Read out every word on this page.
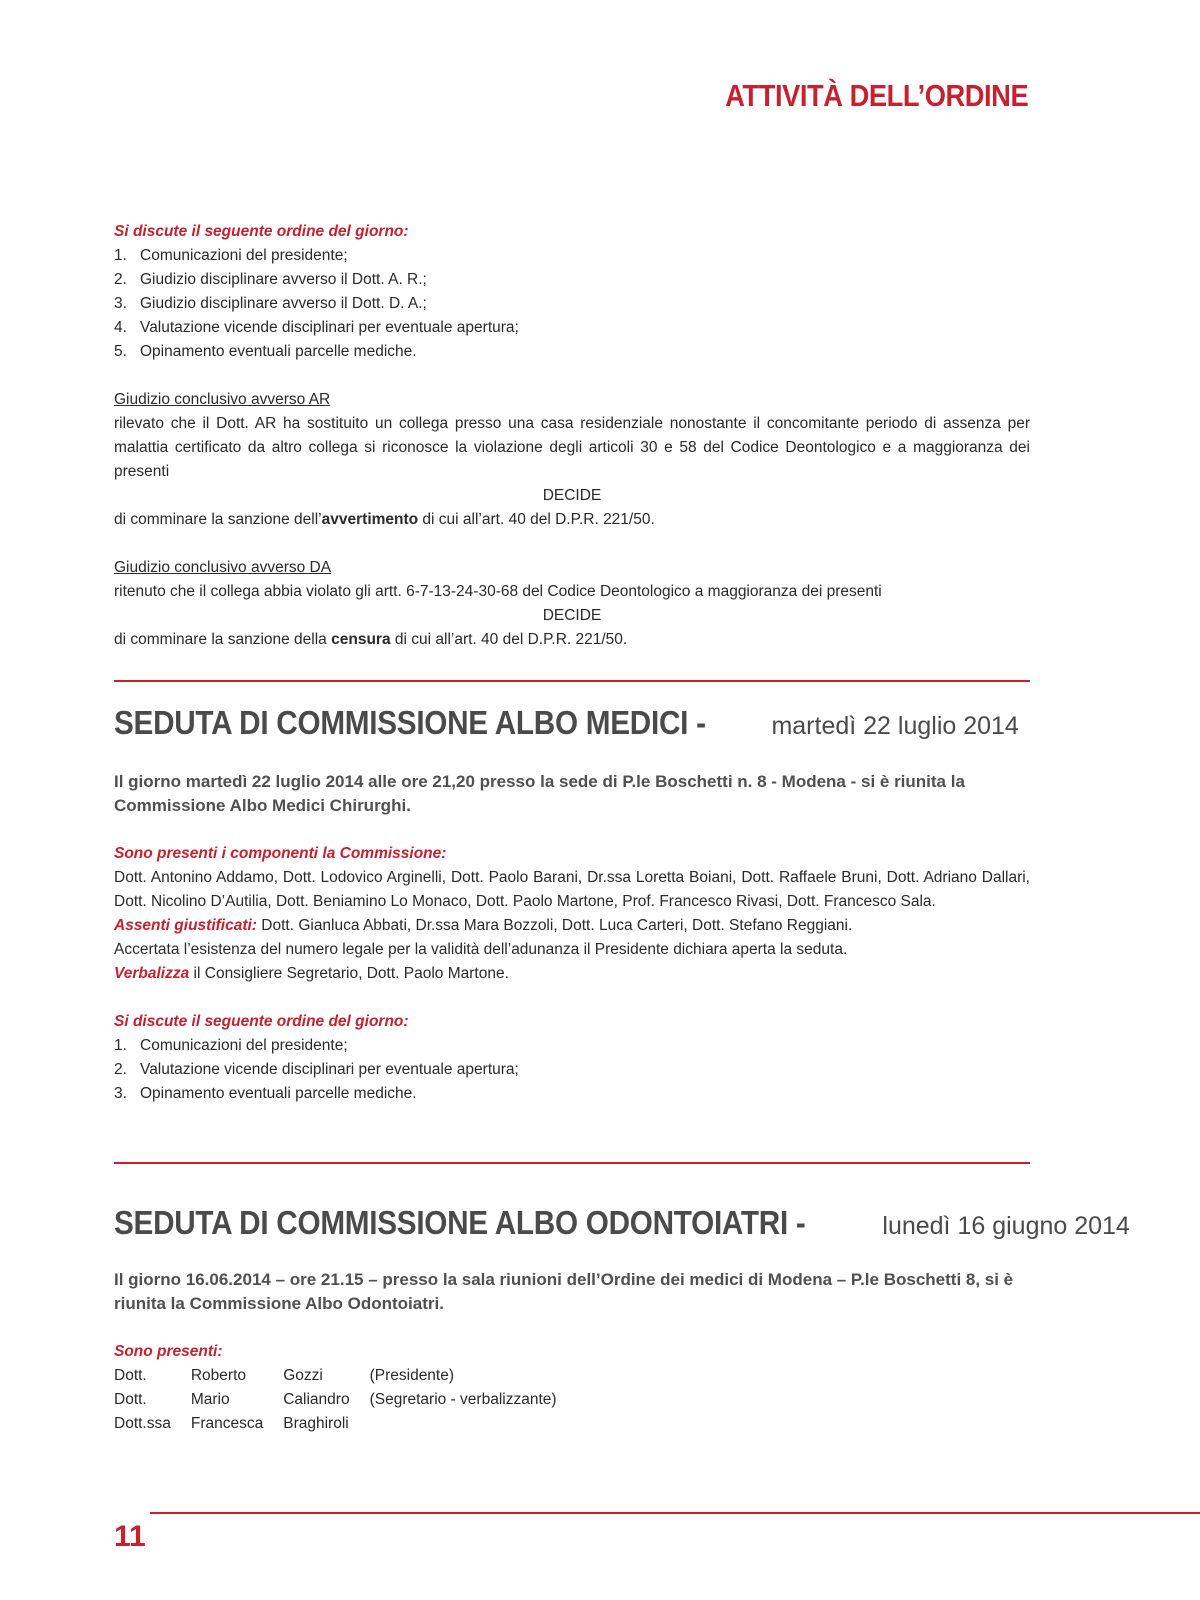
ATTIVITÀ DELL’ORDINE
Si discute il seguente ordine del giorno:
1. Comunicazioni del presidente;
2. Giudizio disciplinare avverso il Dott. A. R.;
3. Giudizio disciplinare avverso il Dott. D. A.;
4. Valutazione vicende disciplinari per eventuale apertura;
5. Opinamento eventuali parcelle mediche.
Giudizio conclusivo avverso AR
rilevato che il Dott. AR ha sostituito un collega presso una casa residenziale nonostante il concomitante periodo di assenza per malattia certificato da altro collega si riconosce la violazione degli articoli 30 e 58 del Codice Deontologico e a maggioranza dei presenti
DECIDE
di comminare la sanzione dell’avvertimento di cui all’art. 40 del D.P.R. 221/50.
Giudizio conclusivo avverso DA
ritenuto che il collega abbia violato gli artt. 6-7-13-24-30-68 del Codice Deontologico a maggioranza dei presenti
DECIDE
di comminare la sanzione della censura di cui all’art. 40 del D.P.R. 221/50.
SEDUTA DI COMMISSIONE ALBO MEDICI -	martedì 22 luglio 2014
Il giorno martedì 22 luglio 2014 alle ore 21,20 presso la sede di P.le Boschetti n. 8 - Modena - si è riunita la Commissione Albo Medici Chirurghi.
Sono presenti i componenti la Commissione:
Dott. Antonino Addamo, Dott. Lodovico Arginelli, Dott. Paolo Barani, Dr.ssa Loretta Boiani, Dott. Raffaele Bruni, Dott. Adriano Dallari, Dott. Nicolino D’Autilia, Dott. Beniamino Lo Monaco, Dott. Paolo Martone, Prof. Francesco Rivasi, Dott. Francesco Sala.
Assenti giustificati: Dott. Gianluca Abbati, Dr.ssa Mara Bozzoli, Dott. Luca Carteri, Dott. Stefano Reggiani.
Accertata l’esistenza del numero legale per la validità dell’adunanza il Presidente dichiara aperta la seduta.
Verbalizza il Consigliere Segretario, Dott. Paolo Martone.
Si discute il seguente ordine del giorno:
1. Comunicazioni del presidente;
2. Valutazione vicende disciplinari per eventuale apertura;
3. Opinamento eventuali parcelle mediche.
SEDUTA DI COMMISSIONE ALBO ODONTOIATRI -	lunedì 16 giugno 2014
Il giorno 16.06.2014 – ore 21.15 – presso la sala riunioni dell’Ordine dei medici di Modena – P.le Boschetti 8, si è riunita la Commissione Albo Odontoiatri.
Sono presenti:
Dott.	Roberto	Gozzi	(Presidente)
Dott.	Mario	Caliandro	(Segretario - verbalizzante)
Dott.ssa	Francesca	Braghiroli	
11
